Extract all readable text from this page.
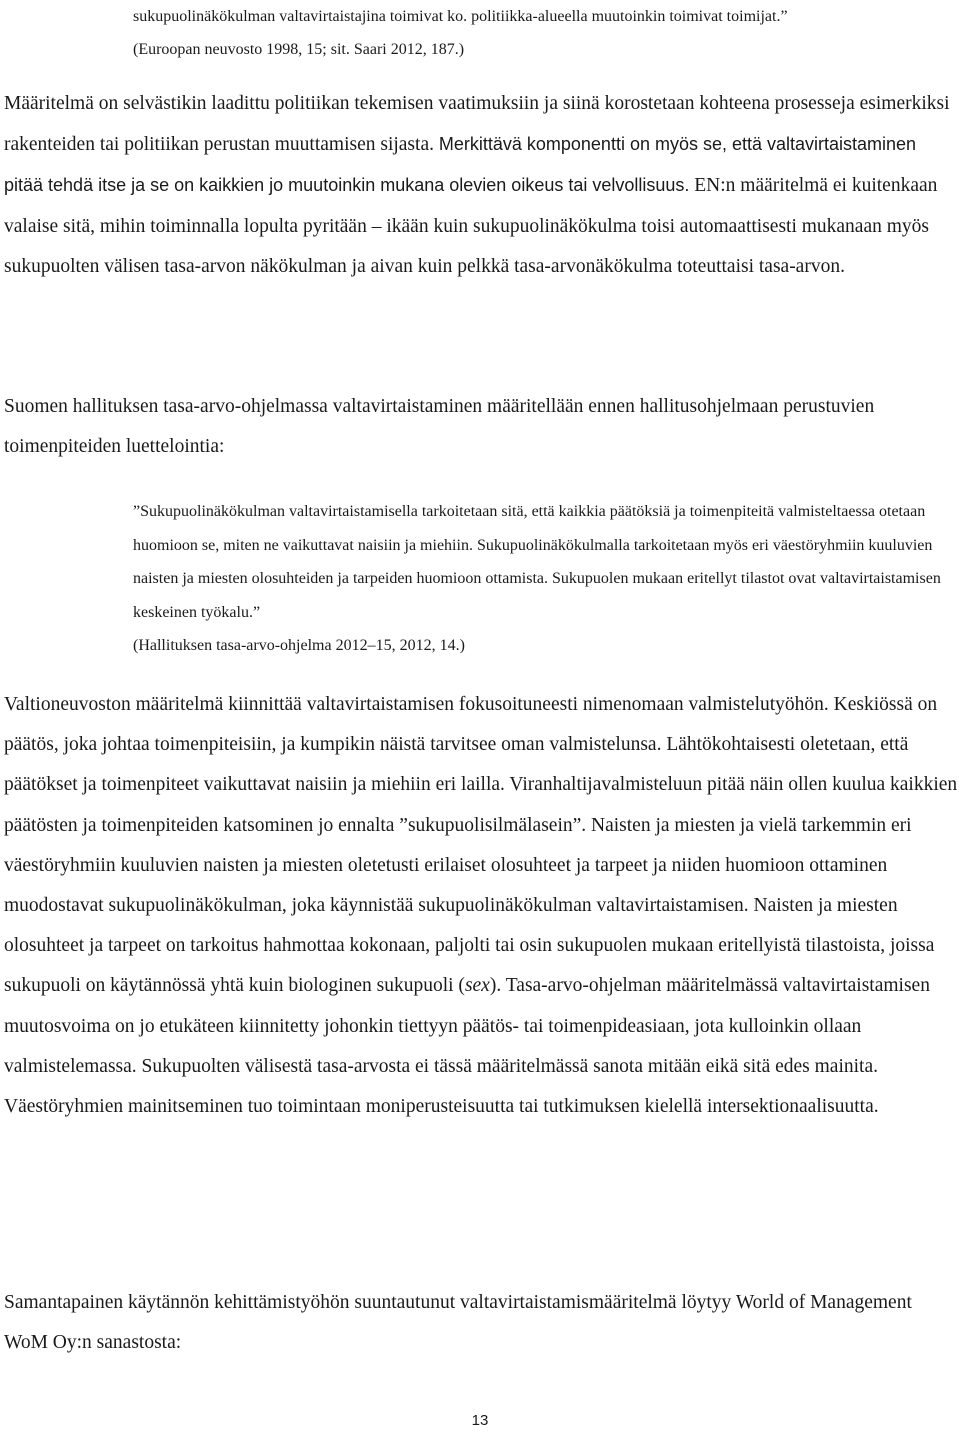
sukupuolinäkökulman valtavirtaistajina toimivat ko. politiikka-alueella muutoinkin toimivat toimijat.”

(Euroopan neuvosto 1998, 15; sit. Saari 2012, 187.)

Määritelmä on selvästikin laadittu politiikan tekemisen vaatimuksiin ja siinä korostetaan kohteena prosesseja esimerkiksi rakenteiden tai politiikan perustan muuttamisen sijasta. Merkittävä komponentti on myös se, että valtavirtaistaminen pitää tehdä itse ja se on kaikkien jo muutoinkin mukana olevien oikeus tai velvollisuus. EN:n määritelmä ei kuitenkaan valaise sitä, mihin toiminnalla lopulta pyritään – ikään kuin sukupuolinäkökulma toisi automaattisesti mukanaan myös sukupuolten välisen tasa-arvon näkökulman ja aivan kuin pelkkä tasa-arvonäkökulma toteuttaisi tasa-arvon.

Suomen hallituksen tasa-arvo-ohjelmassa valtavirtaistaminen määritellään ennen hallitusohjelmaan perustuvien toimenpiteiden luettelointia:

”Sukupuolinäkökulman valtavirtaistamisella tarkoitetaan sitä, että kaikkia päätöksiä ja toimenpiteitä valmisteltaessa otetaan huomioon se, miten ne vaikuttavat naisiin ja miehiin. Sukupuolinäkökulmalla tarkoitetaan myös eri väestöryhmiin kuuluvien naisten ja miesten olosuhteiden ja tarpeiden huomioon ottamista. Sukupuolen mukaan eritellyt tilastot ovat valtavirtaistamisen keskeinen työkalu.”
(Hallituksen tasa-arvo-ohjelma 2012–15, 2012, 14.)

Valtioneuvoston määritelmä kiinnittää valtavirtaistamisen fokusoituneesti nimenomaan valmistelutyöhön. Keskiössä on päätös, joka johtaa toimenpiteisiin, ja kumpikin näistä tarvitsee oman valmistelunsa. Lähtökohtaisesti oletetaan, että päätökset ja toimenpiteet vaikuttavat naisiin ja miehiin eri lailla. Viranhaltijavalmisteluun pitää näin ollen kuulua kaikkien päätösten ja toimenpiteiden katsominen jo ennalta ”sukupuolisilmälasein”. Naisten ja miesten ja vielä tarkemmin eri väestöryhmiin kuuluvien naisten ja miesten oletetusti erilaiset olosuhteet ja tarpeet ja niiden huomioon ottaminen muodostavat sukupuolinäkökulman, joka käynnistää sukupuolinäkökulman valtavirtaistamisen. Naisten ja miesten olosuhteet ja tarpeet on tarkoitus hahmottaa kokonaan, paljolti tai osin sukupuolen mukaan eritellyistä tilastoista, joissa sukupuoli on käytännössä yhtä kuin biologinen sukupuoli (sex). Tasa-arvo-ohjelman määritelmässä valtavirtaistamisen muutosvoima on jo etukäteen kiinnitetty johonkin tiettyyn päätös- tai toimenpideasiaan, jota kulloinkin ollaan valmistelemassa. Sukupuolten välisestä tasa-arvosta ei tässä määritelmässä sanota mitään eikä sitä edes mainita. Väestöryhmien mainitseminen tuo toimintaan moniperusteisuutta tai tutkimuksen kielellä intersektionaalisuutta.

Samantapainen käytännön kehittämistyöhön suuntautunut valtavirtaistamismääritelmä löytyy World of Management WoM Oy:n sanastosta:

13
